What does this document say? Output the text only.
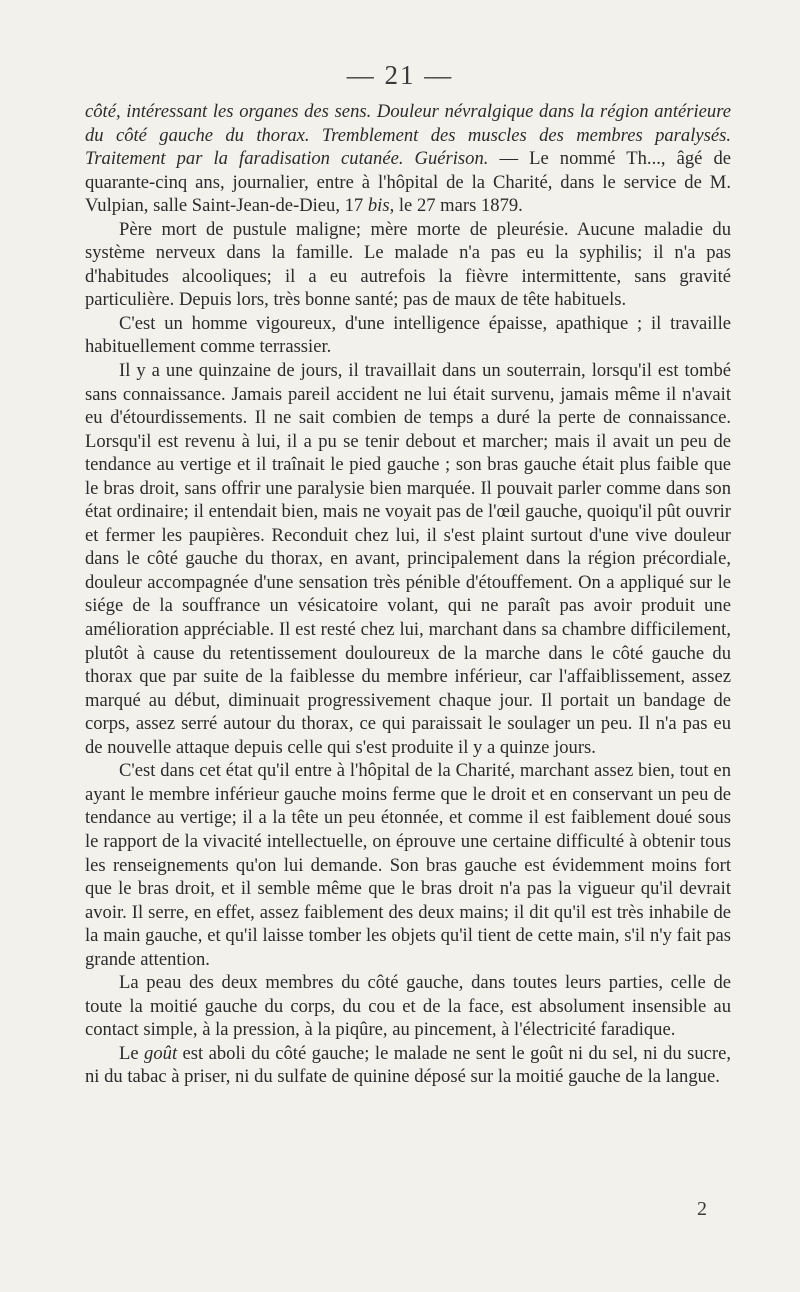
— 21 —

côté, intéressant les organes des sens. Douleur névralgique dans la région antérieure du côté gauche du thorax. Tremblement des muscles des membres paralysés. Traitement par la faradisation cutanée. Guérison. — Le nommé Th..., âgé de quarante-cinq ans, journalier, entre à l'hôpital de la Charité, dans le service de M. Vulpian, salle Saint-Jean-de-Dieu, 17 bis, le 27 mars 1879.

Père mort de pustule maligne; mère morte de pleurésie. Aucune maladie du système nerveux dans la famille. Le malade n'a pas eu la syphilis; il n'a pas d'habitudes alcooliques; il a eu autrefois la fièvre intermittente, sans gravité particulière. Depuis lors, très bonne santé; pas de maux de tête habituels.

C'est un homme vigoureux, d'une intelligence épaisse, apathique ; il travaille habituellement comme terrassier.

Il y a une quinzaine de jours, il travaillait dans un souterrain, lorsqu'il est tombé sans connaissance. Jamais pareil accident ne lui était survenu, jamais même il n'avait eu d'étourdissements. Il ne sait combien de temps a duré la perte de connaissance. Lorsqu'il est revenu à lui, il a pu se tenir debout et marcher; mais il avait un peu de tendance au vertige et il traînait le pied gauche ; son bras gauche était plus faible que le bras droit, sans offrir une paralysie bien marquée. Il pouvait parler comme dans son état ordinaire; il entendait bien, mais ne voyait pas de l'œil gauche, quoiqu'il pût ouvrir et fermer les paupières. Reconduit chez lui, il s'est plaint surtout d'une vive douleur dans le côté gauche du thorax, en avant, principalement dans la région précordiale, douleur accompagnée d'une sensation très pénible d'étouffement. On a appliqué sur le siége de la souffrance un vésicatoire volant, qui ne paraît pas avoir produit une amélioration appréciable. Il est resté chez lui, marchant dans sa chambre difficilement, plutôt à cause du retentissement douloureux de la marche dans le côté gauche du thorax que par suite de la faiblesse du membre inférieur, car l'affaiblissement, assez marqué au début, diminuait progressivement chaque jour. Il portait un bandage de corps, assez serré autour du thorax, ce qui paraissait le soulager un peu. Il n'a pas eu de nouvelle attaque depuis celle qui s'est produite il y a quinze jours.

C'est dans cet état qu'il entre à l'hôpital de la Charité, marchant assez bien, tout en ayant le membre inférieur gauche moins ferme que le droit et en conservant un peu de tendance au vertige; il a la tête un peu étonnée, et comme il est faiblement doué sous le rapport de la vivacité intellectuelle, on éprouve une certaine difficulté à obtenir tous les renseignements qu'on lui demande. Son bras gauche est évidemment moins fort que le bras droit, et il semble même que le bras droit n'a pas la vigueur qu'il devrait avoir. Il serre, en effet, assez faiblement des deux mains; il dit qu'il est très inhabile de la main gauche, et qu'il laisse tomber les objets qu'il tient de cette main, s'il n'y fait pas grande attention.

La peau des deux membres du côté gauche, dans toutes leurs parties, celle de toute la moitié gauche du corps, du cou et de la face, est absolument insensible au contact simple, à la pression, à la piqûre, au pincement, à l'électricité faradique.

Le goût est aboli du côté gauche; le malade ne sent le goût ni du sel, ni du sucre, ni du tabac à priser, ni du sulfate de quinine déposé sur la moitié gauche de la langue.

2
